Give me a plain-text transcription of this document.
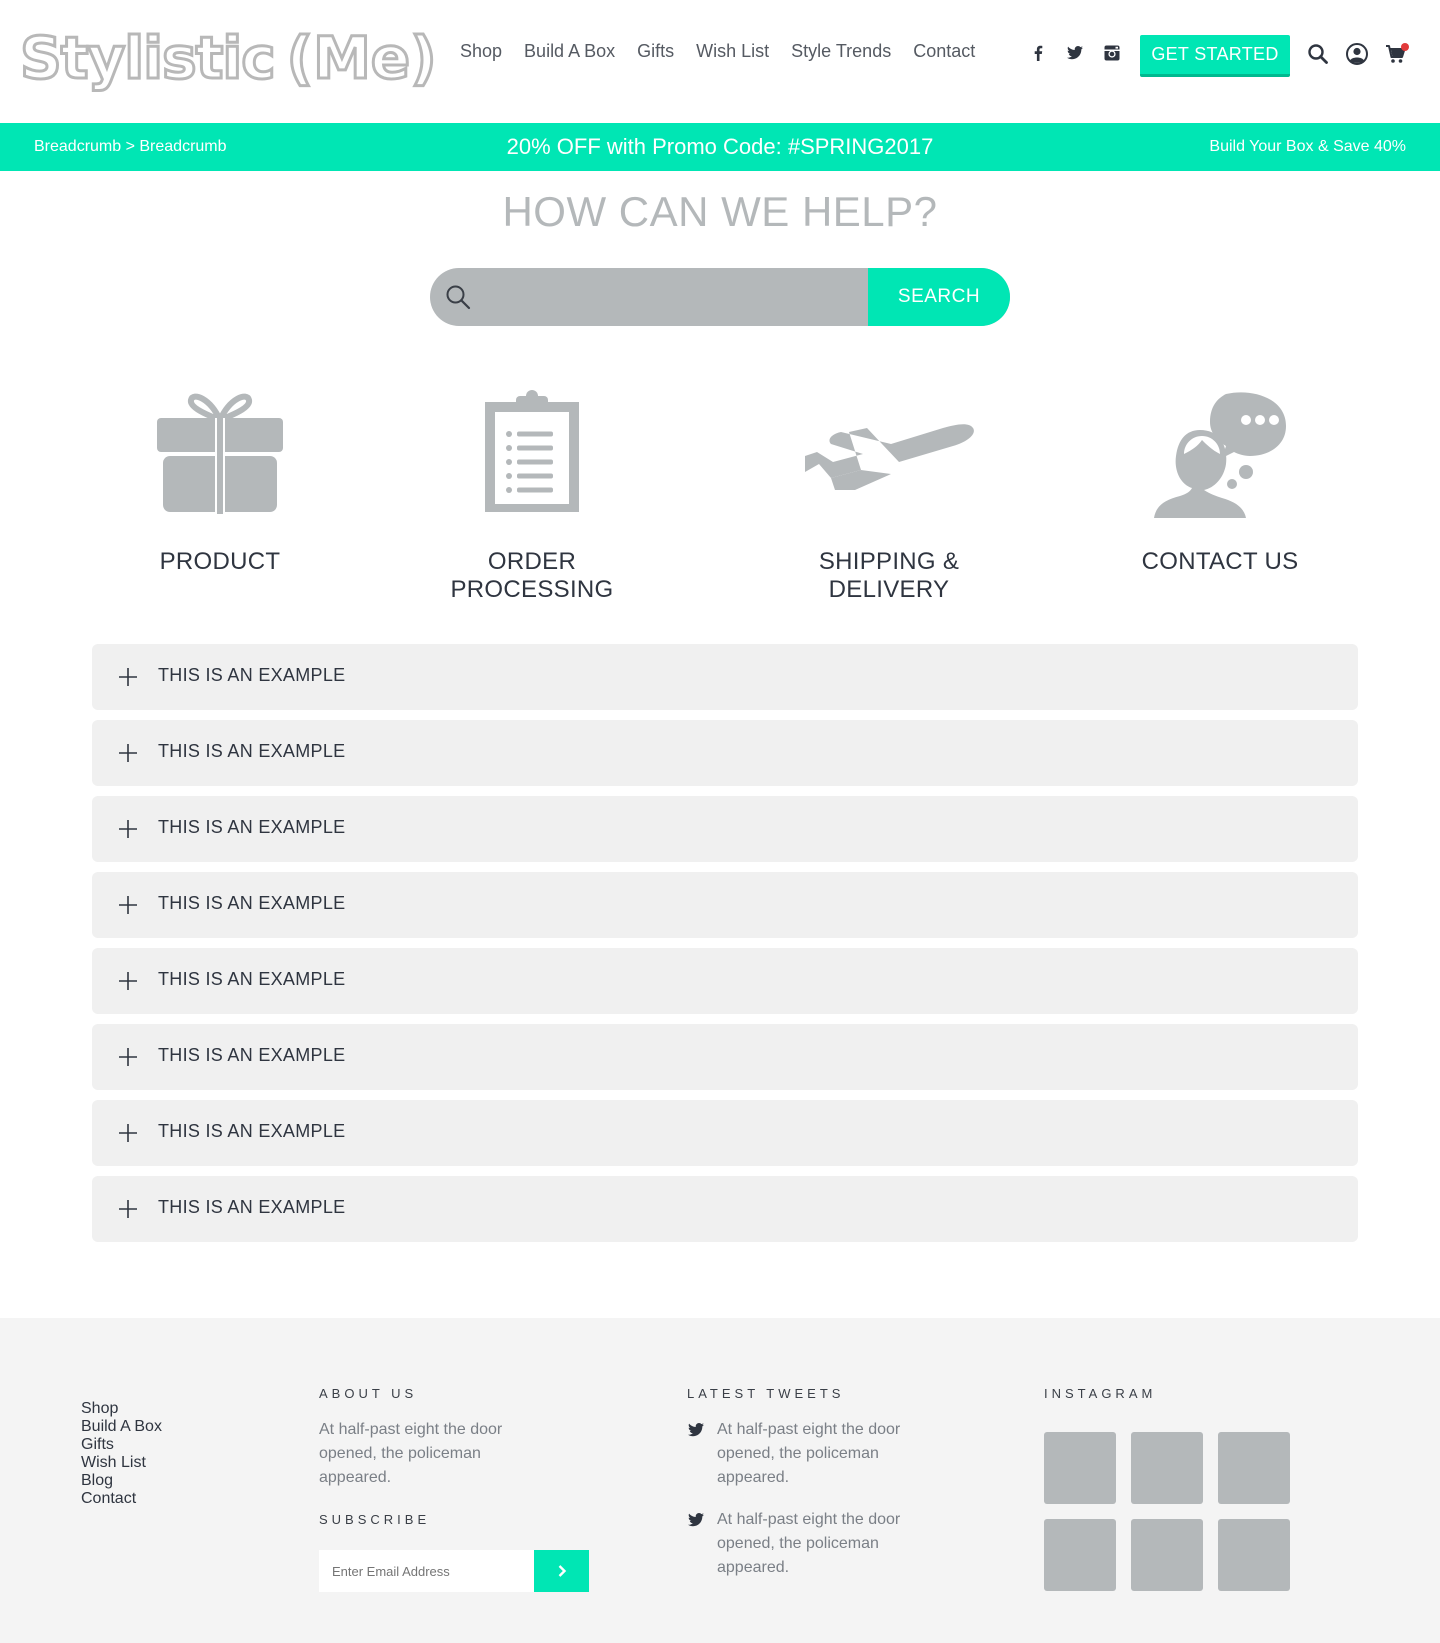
Stylistic (Me) Shop Build A Box Gifts Wish List Style Trends Contact	GET STARTED
Breadcrumb > Breadcrumb	20% OFF with Promo Code: #SPRING2017	Build Your Box & Save 40%
HOW CAN WE HELP?
SEARCH
PRODUCT	ORDER PROCESSING
SHIPPING & DELIVERY
CONTACT US
THIS IS AN EXAMPLE
THIS IS AN EXAMPLE
THIS IS AN EXAMPLE
THIS IS AN EXAMPLE
THIS IS AN EXAMPLE
THIS IS AN EXAMPLE
THIS IS AN EXAMPLE
THIS IS AN EXAMPLE
Shop
Build A Box
Gifts
Wish List
Blog
Contact
ABOUT US
At half-past eight the door opened, the policeman appeared.
SUBSCRIBE
Enter Email Address
LATEST TWEETS
At half-past eight the door opened, the policeman appeared.
At half-past eight the door opened, the policeman appeared.
INSTAGRAM
